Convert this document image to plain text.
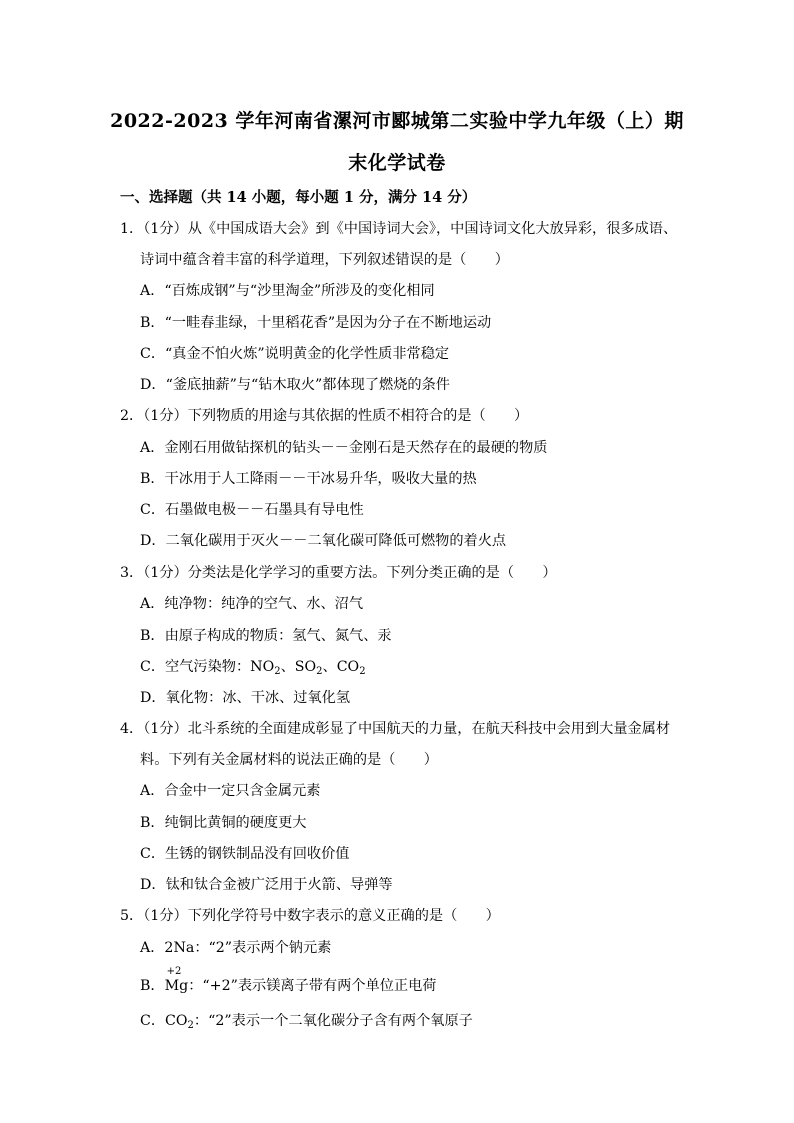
2022-2023 学年河南省漯河市郾城第二实验中学九年级（上）期
末化学试卷
一、选择题（共 14 小题，每小题 1 分，满分 14 分）
1．（1分）从《中国成语大会》到《中国诗词大会》，中国诗词文化大放异彩，很多成语、
诗词中蕴含着丰富的科学道理，下列叙述错误的是（　　）
A．“百炼成钢”与“沙里淘金”所涉及的变化相同
B．“一畦春韭绿，十里稻花香”是因为分子在不断地运动
C．“真金不怕火炼”说明黄金的化学性质非常稳定
D．“釜底抽薪”与“钻木取火”都体现了燃烧的条件
2．（1分）下列物质的用途与其依据的性质不相符合的是（　　）
A．金刚石用做钻探机的钻头－－金刚石是天然存在的最硬的物质
B．干冰用于人工降雨－－干冰易升华，吸收大量的热
C．石墨做电极－－石墨具有导电性
D．二氧化碳用于灭火－－二氧化碳可降低可燃物的着火点
3．（1分）分类法是化学学习的重要方法。下列分类正确的是（　　）
A．纯净物：纯净的空气、水、沼气
B．由原子构成的物质：氢气、氮气、汞
C．空气污染物：$NO_2$、$SO_2$、$CO_2$
D．氧化物：冰、干冰、过氧化氢
4．（1分）北斗系统的全面建成彰显了中国航天的力量，在航天科技中会用到大量金属材
料。下列有关金属材料的说法正确的是（　　）
A．合金中一定只含金属元素
B．纯铜比黄铜的硬度更大
C．生锈的钢铁制品没有回收价值
D．钛和钛合金被广泛用于火箭、导弹等
5．（1分）下列化学符号中数字表示的意义正确的是（　　）
A．2Na：“2”表示两个钠元素
B．
+2
Mg：“+2”表示镁离子带有两个单位正电荷
C．$CO_2$：“2”表示一个二氧化碳分子含有两个氧原子
